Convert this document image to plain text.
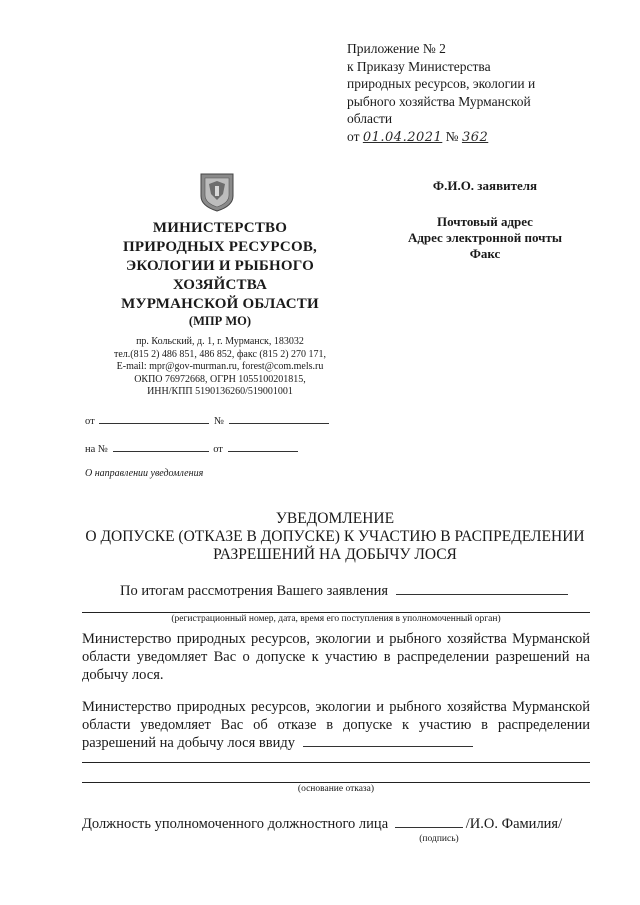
Приложение № 2
к Приказу Министерства
природных ресурсов, экологии и
рыбного хозяйства Мурманской
области
от 01.04.2021 № 362
Ф.И.О. заявителя
Почтовый адрес
Адрес электронной почты
Факс
МИНИСТЕРСТВО
ПРИРОДНЫХ РЕСУРСОВ,
ЭКОЛОГИИ И РЫБНОГО
ХОЗЯЙСТВА
МУРМАНСКОЙ ОБЛАСТИ
(МПР МО)
пр. Кольский, д. 1, г. Мурманск, 183032
тел.(815 2) 486 851, 486 852, факс (815 2) 270 171,
E-mail: mpr@gov-murman.ru, forest@com.mels.ru
ОКПО 76972668, ОГРН 1055100201815,
ИНН/КПП 5190136260/519001001
от	№
на №	от
О направлении уведомления
УВЕДОМЛЕНИЕ
О ДОПУСКЕ (ОТКАЗЕ В ДОПУСКЕ) К УЧАСТИЮ В РАСПРЕДЕЛЕНИИ
РАЗРЕШЕНИЙ НА ДОБЫЧУ ЛОСЯ
По итогам рассмотрения Вашего заявления
(регистрационный номер, дата, время его поступления в уполномоченный орган)
Министерство природных ресурсов, экологии и рыбного хозяйства Мурманской области уведомляет Вас о допуске к участию в распределении разрешений на добычу лося.
Министерство природных ресурсов, экологии и рыбного хозяйства Мурманской области уведомляет Вас об отказе в допуске к участию в распределении разрешений на добычу лося ввиду
(основание отказа)
Должность уполномоченного должностного лица	/И.О. Фамилия/
(подпись)
